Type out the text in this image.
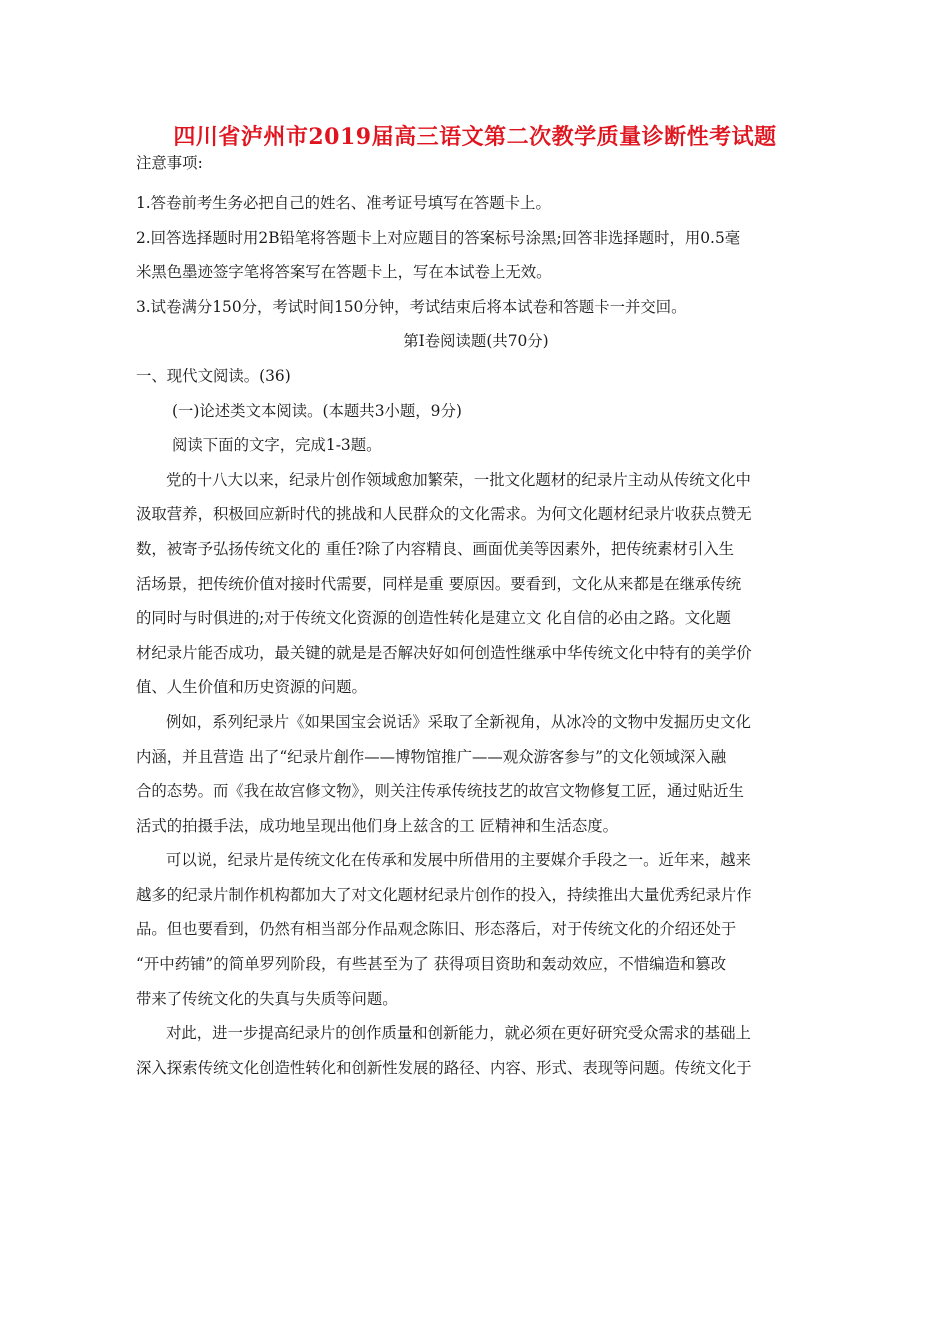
四川省泸州市2019届高三语文第二次教学质量诊断性考试题
注意事项:
1.答卷前考生务必把自己的姓名、准考证号填写在答题卡上。
2.回答选择题时用2B铅笔将答题卡上对应题目的答案标号涂黑;回答非选择题时，用0.5毫
米黑色墨迹签字笔将答案写在答题卡上，写在本试卷上无效。
3.试卷满分150分，考试时间150分钟，考试结束后将本试卷和答题卡一并交回。
第Ⅰ卷阅读题(共70分)
一、现代文阅读。(36)
(一)论述类文本阅读。(本题共3小题，9分)
阅读下面的文字，完成1-3题。
党的十八大以来，纪录片创作领域愈加繁荣，一批文化题材的纪录片主动从传统文化中
汲取营养，积极回应新时代的挑战和人民群众的文化需求。为何文化题材纪录片收获点赞无
数，被寄予弘扬传统文化的 重任?除了内容精良、画面优美等因素外，把传统素材引入生
活场景，把传统价值对接时代需要，同样是重 要原因。要看到，文化从来都是在继承传统
的同时与时俱进的;对于传统文化资源的创造性转化是建立文 化自信的必由之路。文化题
材纪录片能否成功，最关键的就是是否解决好如何创造性继承中华传统文化中特有的美学价
值、人生价值和历史资源的问题。
例如，系列纪录片《如果国宝会说话》采取了全新视角，从冰冷的文物中发掘历史文化
内涵，并且营造 出了“纪录片創作——博物馆推广——观众游客参与”的文化领域深入融
合的态势。而《我在故宫修文物》，则关注传承传统技艺的故宫文物修复工匠，通过贴近生
活式的拍摄手法，成功地呈现出他们身上兹含的工 匠精神和生活态度。
可以说，纪录片是传统文化在传承和发展中所借用的主要媒介手段之一。近年来，越来
越多的纪录片制作机构都加大了对文化题材纪录片创作的投入，持续推出大量优秀纪录片作
品。但也要看到，仍然有相当部分作品观念陈旧、形态落后，对于传统文化的介绍还处于
“开中药铺”的简单罗列阶段，有些甚至为了 获得项目资助和轰动效应，不惜编造和篡改
带来了传统文化的失真与失质等问题。
对此，进一步提高纪录片的创作质量和创新能力，就必须在更好研究受众需求的基础上
深入探索传统文化创造性转化和创新性发展的路径、内容、形式、表现等问题。传统文化于
